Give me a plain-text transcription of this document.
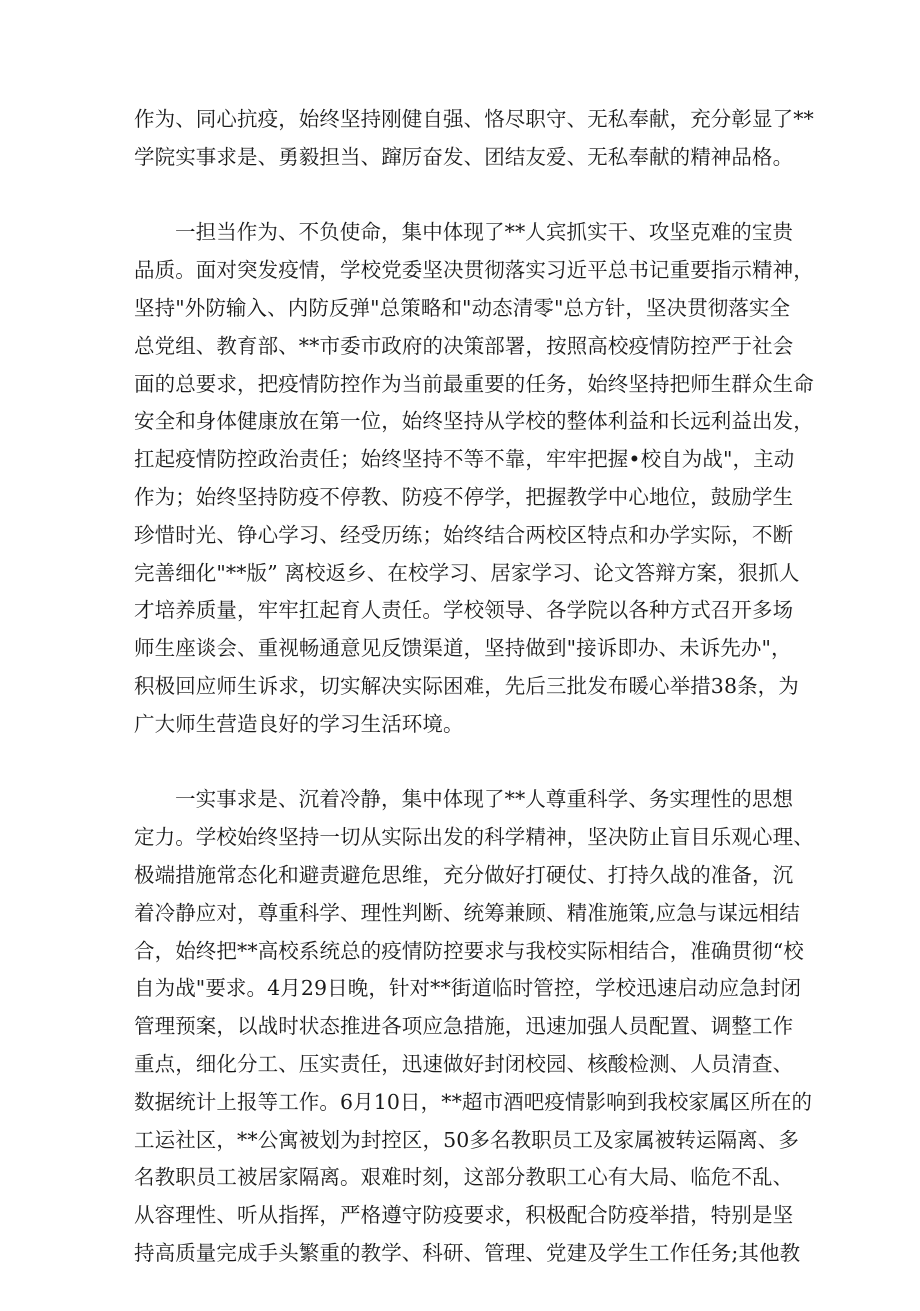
作为、同心抗疫，始终坚持刚健自强、恪尽职守、无私奉献，充分彰显了**
学院实事求是、勇毅担当、蹿厉奋发、团结友爱、无私奉献的精神品格。
一担当作为、不负使命，集中体现了**人宾抓实干、攻坚克难的宝贵
品质。面对突发疫情，学校党委坚决贯彻落实习近平总书记重要指示精神，
坚持"外防输入、内防反弹"总策略和"动态清零"总方针，坚决贯彻落实全
总党组、教育部、**市委市政府的决策部署，按照高校疫情防控严于社会
面的总要求，把疫情防控作为当前最重要的任务，始终坚持把师生群众生命
安全和身体健康放在第一位，始终坚持从学校的整体利益和长远利益出发，
扛起疫情防控政治责任；始终坚持不等不靠，牢牢把握•校自为战"，主动
作为；始终坚持防疫不停教、防疫不停学，把握教学中心地位，鼓励学生
珍惜时光、铮心学习、经受历练；始终结合两校区特点和办学实际，不断
完善细化"**版” 离校返乡、在校学习、居家学习、论文答辩方案，狠抓人
才培养质量，牢牢扛起育人责任。学校领导、各学院以各种方式召开多场
师生座谈会、重视畅通意见反馈渠道，坚持做到"接诉即办、未诉先办"，
积极回应师生诉求，切实解决实际困难，先后三批发布暖心举措38条，为
广大师生营造良好的学习生活环境。
一实事求是、沉着冷静，集中体现了**人尊重科学、务实理性的思想
定力。学校始终坚持一切从实际出发的科学精神，坚决防止盲目乐观心理、
极端措施常态化和避责避危思维，充分做好打硬仗、打持久战的准备，沉
着冷静应对，尊重科学、理性判断、统筹兼顾、精准施策,应急与谋远相结
合，始终把**高校系统总的疫情防控要求与我校实际相结合，准确贯彻“校
自为战"要求。4月29日晚，针对**街道临时管控，学校迅速启动应急封闭
管理预案，以战时状态推进各项应急措施，迅速加强人员配置、调整工作
重点，细化分工、压实责任，迅速做好封闭校园、核酸检测、人员清查、
数据统计上报等工作。6月10日，**超市酒吧疫情影响到我校家属区所在的
工运社区，**公寓被划为封控区，50多名教职员工及家属被转运隔离、多
名教职员工被居家隔离。艰难时刻，这部分教职工心有大局、临危不乱、
从容理性、听从指挥，严格遵守防疫要求，积极配合防疫举措，特别是坚
持高质量完成手头繁重的教学、科研、管理、党建及学生工作任务;其他教
